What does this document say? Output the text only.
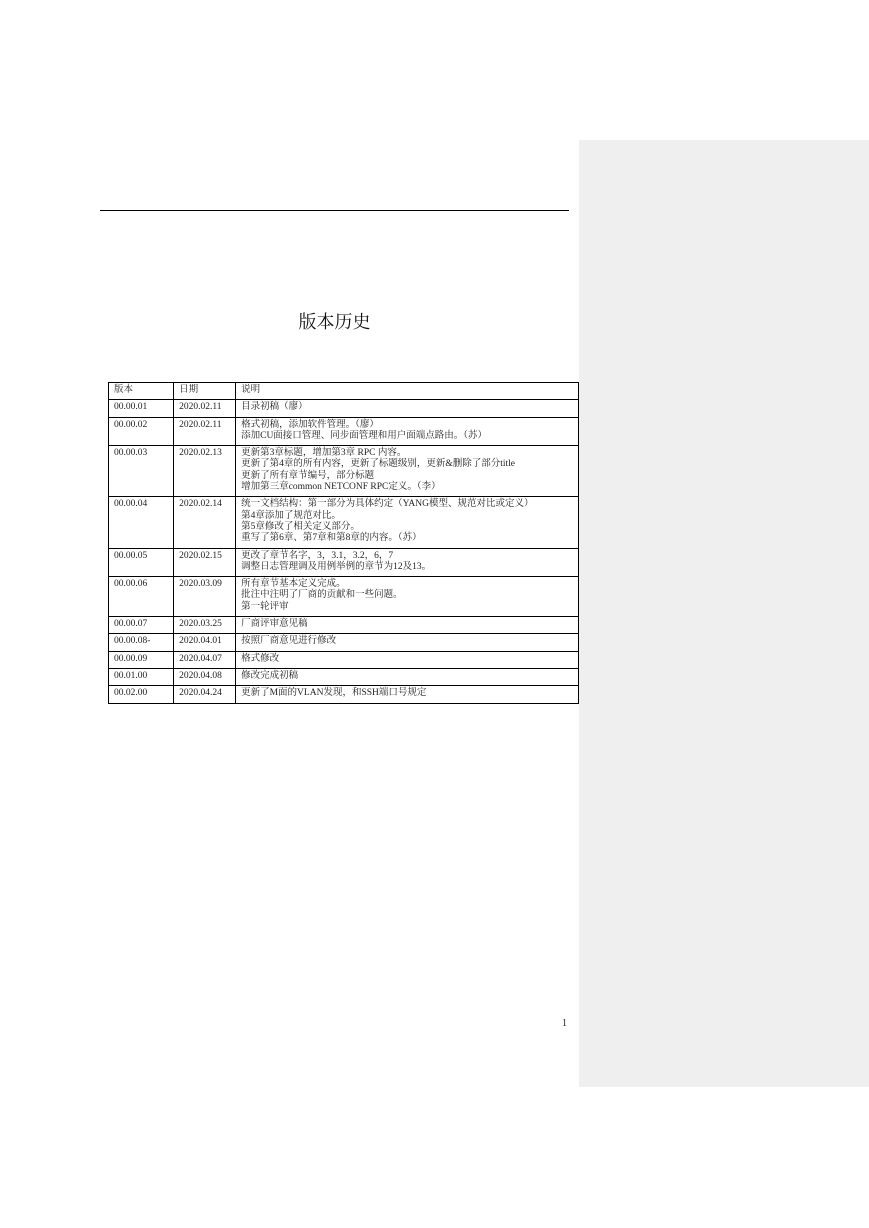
版本历史
版本	日期	说明
00.00.01	2020.02.11	目录初稿（廖）

00.00.02	2020.02.11	格式初稿，添加软件管理。（廖）
添加CU面接口管理、同步面管理和用户面端点路由。（苏）

00.00.03	2020.02.13	更新第3章标题，增加第3章 RPC 内容。
更新了第4章的所有内容，更新了标题级别，更新&删除了部分title
更新了所有章节编号，部分标题
增加第三章common NETCONF RPC定义。（李）

00.00.04	2020.02.14	统一文档结构：第一部分为具体约定（YANG模型、规范对比或定义）
第4章添加了规范对比。
第5章修改了相关定义部分。
重写了第6章、第7章和第8章的内容。（苏）

00.00.05	2020.02.15	更改了章节名字，3，3.1，3.2，6，7
调整日志管理调及用例举例的章节为12及13。

00.00.06	2020.03.09	所有章节基本定义完成。
批注中注明了厂商的贡献和一些问题。
第一轮评审

00.00.07	2020.03.25	厂商评审意见稿

00.00.08-	2020.04.01	按照厂商意见进行修改

00.00.09	2020.04.07	格式修改

00.01.00	2020.04.08	修改完成初稿

00.02.00	2020.04.24	更新了M面的VLAN发现，和SSH端口号规定
1
